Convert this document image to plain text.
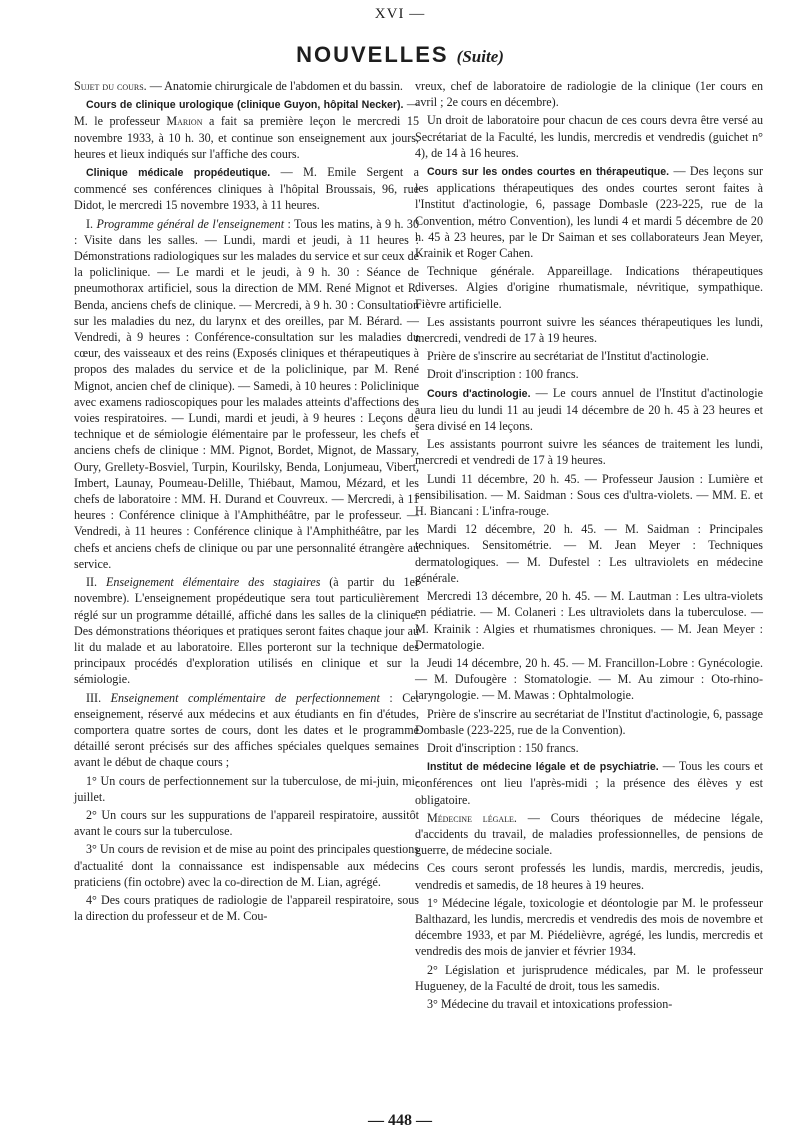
XVI —
NOUVELLES (Suite)

Sujet du cours. — Anatomie chirurgicale de l'abdomen et du bassin.

Cours de clinique urologique (clinique Guyon, hôpital Necker). — M. le professeur Marion a fait sa première leçon le mercredi 15 novembre 1933, à 10 h. 30, et continue son enseignement aux jours, heures et lieux indiqués sur l'affiche des cours.

Clinique médicale propédeutique. — M. Emile Sergent a commencé ses conférences cliniques à l'hôpital Broussais, 96, rue Didot, le mercredi 15 novembre 1933, à 11 heures.

I. Programme général de l'enseignement : Tous les matins, à 9 h. 30 : Visite dans les salles. — Lundi, mardi et jeudi, à 11 heures : Démonstrations radiologiques sur les malades du service et sur ceux de la policlinique. — Le mardi et le jeudi, à 9 h. 30 : Séance de pneumothorax artificiel, sous la direction de MM. René Mignot et R. Benda, anciens chefs de clinique. — Mercredi, à 9 h. 30 : Consultation sur les maladies du nez, du larynx et des oreilles, par M. Bérard. — Vendredi, à 9 heures : Conférence-consultation sur les maladies du cœur, des vaisseaux et des reins (Exposés cliniques et thérapeutiques à propos des malades du service et de la policlinique, par M. René Mignot, ancien chef de clinique). — Samedi, à 10 heures : Policlinique avec examens radioscopiques pour les malades atteints d'affections des voies respiratoires. — Lundi, mardi et jeudi, à 9 heures : Leçons de technique et de sémiologie élémentaire par le professeur, les chefs et anciens chefs de clinique : MM. Pignot, Bordet, Mignot, de Massary, Oury, Grellety-Bosviel, Turpin, Kourilsky, Benda, Lonjumeau, Vibert, Imbert, Launay, Poumeau-Delille, Thiébaut, Mamou, Mézard, et les chefs de laboratoire : MM. H. Durand et Couvreux. — Mercredi, à 11 heures : Conférence clinique à l'Amphithéâtre, par le professeur. — Vendredi, à 11 heures : Conférence clinique à l'Amphithéâtre, par les chefs et anciens chefs de clinique ou par une personnalité étrangère au service.

II. Enseignement élémentaire des stagiaires (à partir du 1er novembre). L'enseignement propédeutique sera tout particulièrement réglé sur un programme détaillé, affiché dans les salles de la clinique. Des démonstrations théoriques et pratiques seront faites chaque jour au lit du malade et au laboratoire. Elles porteront sur la technique des principaux procédés d'exploration utilisés en clinique et sur la sémiologie.

III. Enseignement complémentaire de perfectionnement : Cet enseignement, réservé aux médecins et aux étudiants en fin d'études, comportera quatre sortes de cours, dont les dates et le programme détaillé seront précisés sur des affiches spéciales quelques semaines avant le début de chaque cours ;

1° Un cours de perfectionnement sur la tuberculose, de mi-juin, mi-juillet.

2° Un cours sur les suppurations de l'appareil respiratoire, aussitôt avant le cours sur la tuberculose.

3° Un cours de revision et de mise au point des principales questions d'actualité dont la connaissance est indispensable aux médecins praticiens (fin octobre) avec la co-direction de M. Lian, agrégé.

4° Des cours pratiques de radiologie de l'appareil respiratoire, sous la direction du professeur et de M. Cou-

vreux, chef de laboratoire de radiologie de la clinique (1er cours en avril ; 2e cours en décembre).

Un droit de laboratoire pour chacun de ces cours devra être versé au Secrétariat de la Faculté, les lundis, mercredis et vendredis (guichet n° 4), de 14 à 16 heures.

Cours sur les ondes courtes en thérapeutique. — Des leçons sur les applications thérapeutiques des ondes courtes seront faites à l'Institut d'actinologie, 6, passage Dombasle (223-225, rue de la Convention, métro Convention), les lundi 4 et mardi 5 décembre de 20 h. 45 à 23 heures, par le Dr Saiman et ses collaborateurs Jean Meyer, Krainik et Roger Cahen.

Technique générale. Appareillage. Indications thérapeutiques diverses. Algies d'origine rhumatismale, névritique, sympathique. Fièvre artificielle.

Les assistants pourront suivre les séances thérapeutiques les lundi, mercredi, vendredi de 17 à 19 heures.

Prière de s'inscrire au secrétariat de l'Institut d'actinologie.

Droit d'inscription : 100 francs.

Cours d'actinologie. — Le cours annuel de l'Institut d'actinologie aura lieu du lundi 11 au jeudi 14 décembre de 20 h. 45 à 23 heures et sera divisé en 14 leçons.

Les assistants pourront suivre les séances de traitement les lundi, mercredi et vendredi de 17 à 19 heures.

Lundi 11 décembre, 20 h. 45. — Professeur Jausion : Lumière et sensibilisation. — M. Saidman : Sous ces d'ultra-violets. — MM. E. et H. Biancani : L'infra-rouge.

Mardi 12 décembre, 20 h. 45. — M. Saidman : Principales techniques. Sensitométrie. — M. Jean Meyer : Techniques dermatologiques. — M. Dufestel : Les ultraviolets en médecine générale.

Mercredi 13 décembre, 20 h. 45. — M. Lautman : Les ultra-violets en pédiatrie. — M. Colaneri : Les ultraviolets dans la tuberculose. — M. Krainik : Algies et rhumatismes chroniques. — M. Jean Meyer : Dermatologie.

Jeudi 14 décembre, 20 h. 45. — M. Francillon-Lobre : Gynécologie. — M. Dufougère : Stomatologie. — M. Au zimour : Oto-rhino-laryngologie. — M. Mawas : Ophtalmologie.

Prière de s'inscrire au secrétariat de l'Institut d'actinologie, 6, passage Dombasle (223-225, rue de la Convention).

Droit d'inscription : 150 francs.

Institut de médecine légale et de psychiatrie. — Tous les cours et conférences ont lieu l'après-midi ; la présence des élèves y est obligatoire.

Médecine légale. — Cours théoriques de médecine légale, d'accidents du travail, de maladies professionnelles, de pensions de guerre, de médecine sociale.

Ces cours seront professés les lundis, mardis, mercredis, jeudis, vendredis et samedis, de 18 heures à 19 heures.

1° Médecine légale, toxicologie et déontologie par M. le professeur Balthazard, les lundis, mercredis et vendredis des mois de novembre et décembre 1933, et par M. Piédelièvre, agrégé, les lundis, mercredis et vendredis des mois de janvier et février 1934.

2° Législation et jurisprudence médicales, par M. le professeur Hugueney, de la Faculté de droit, tous les samedis.

3° Médecine du travail et intoxications profession-

— 448 —
